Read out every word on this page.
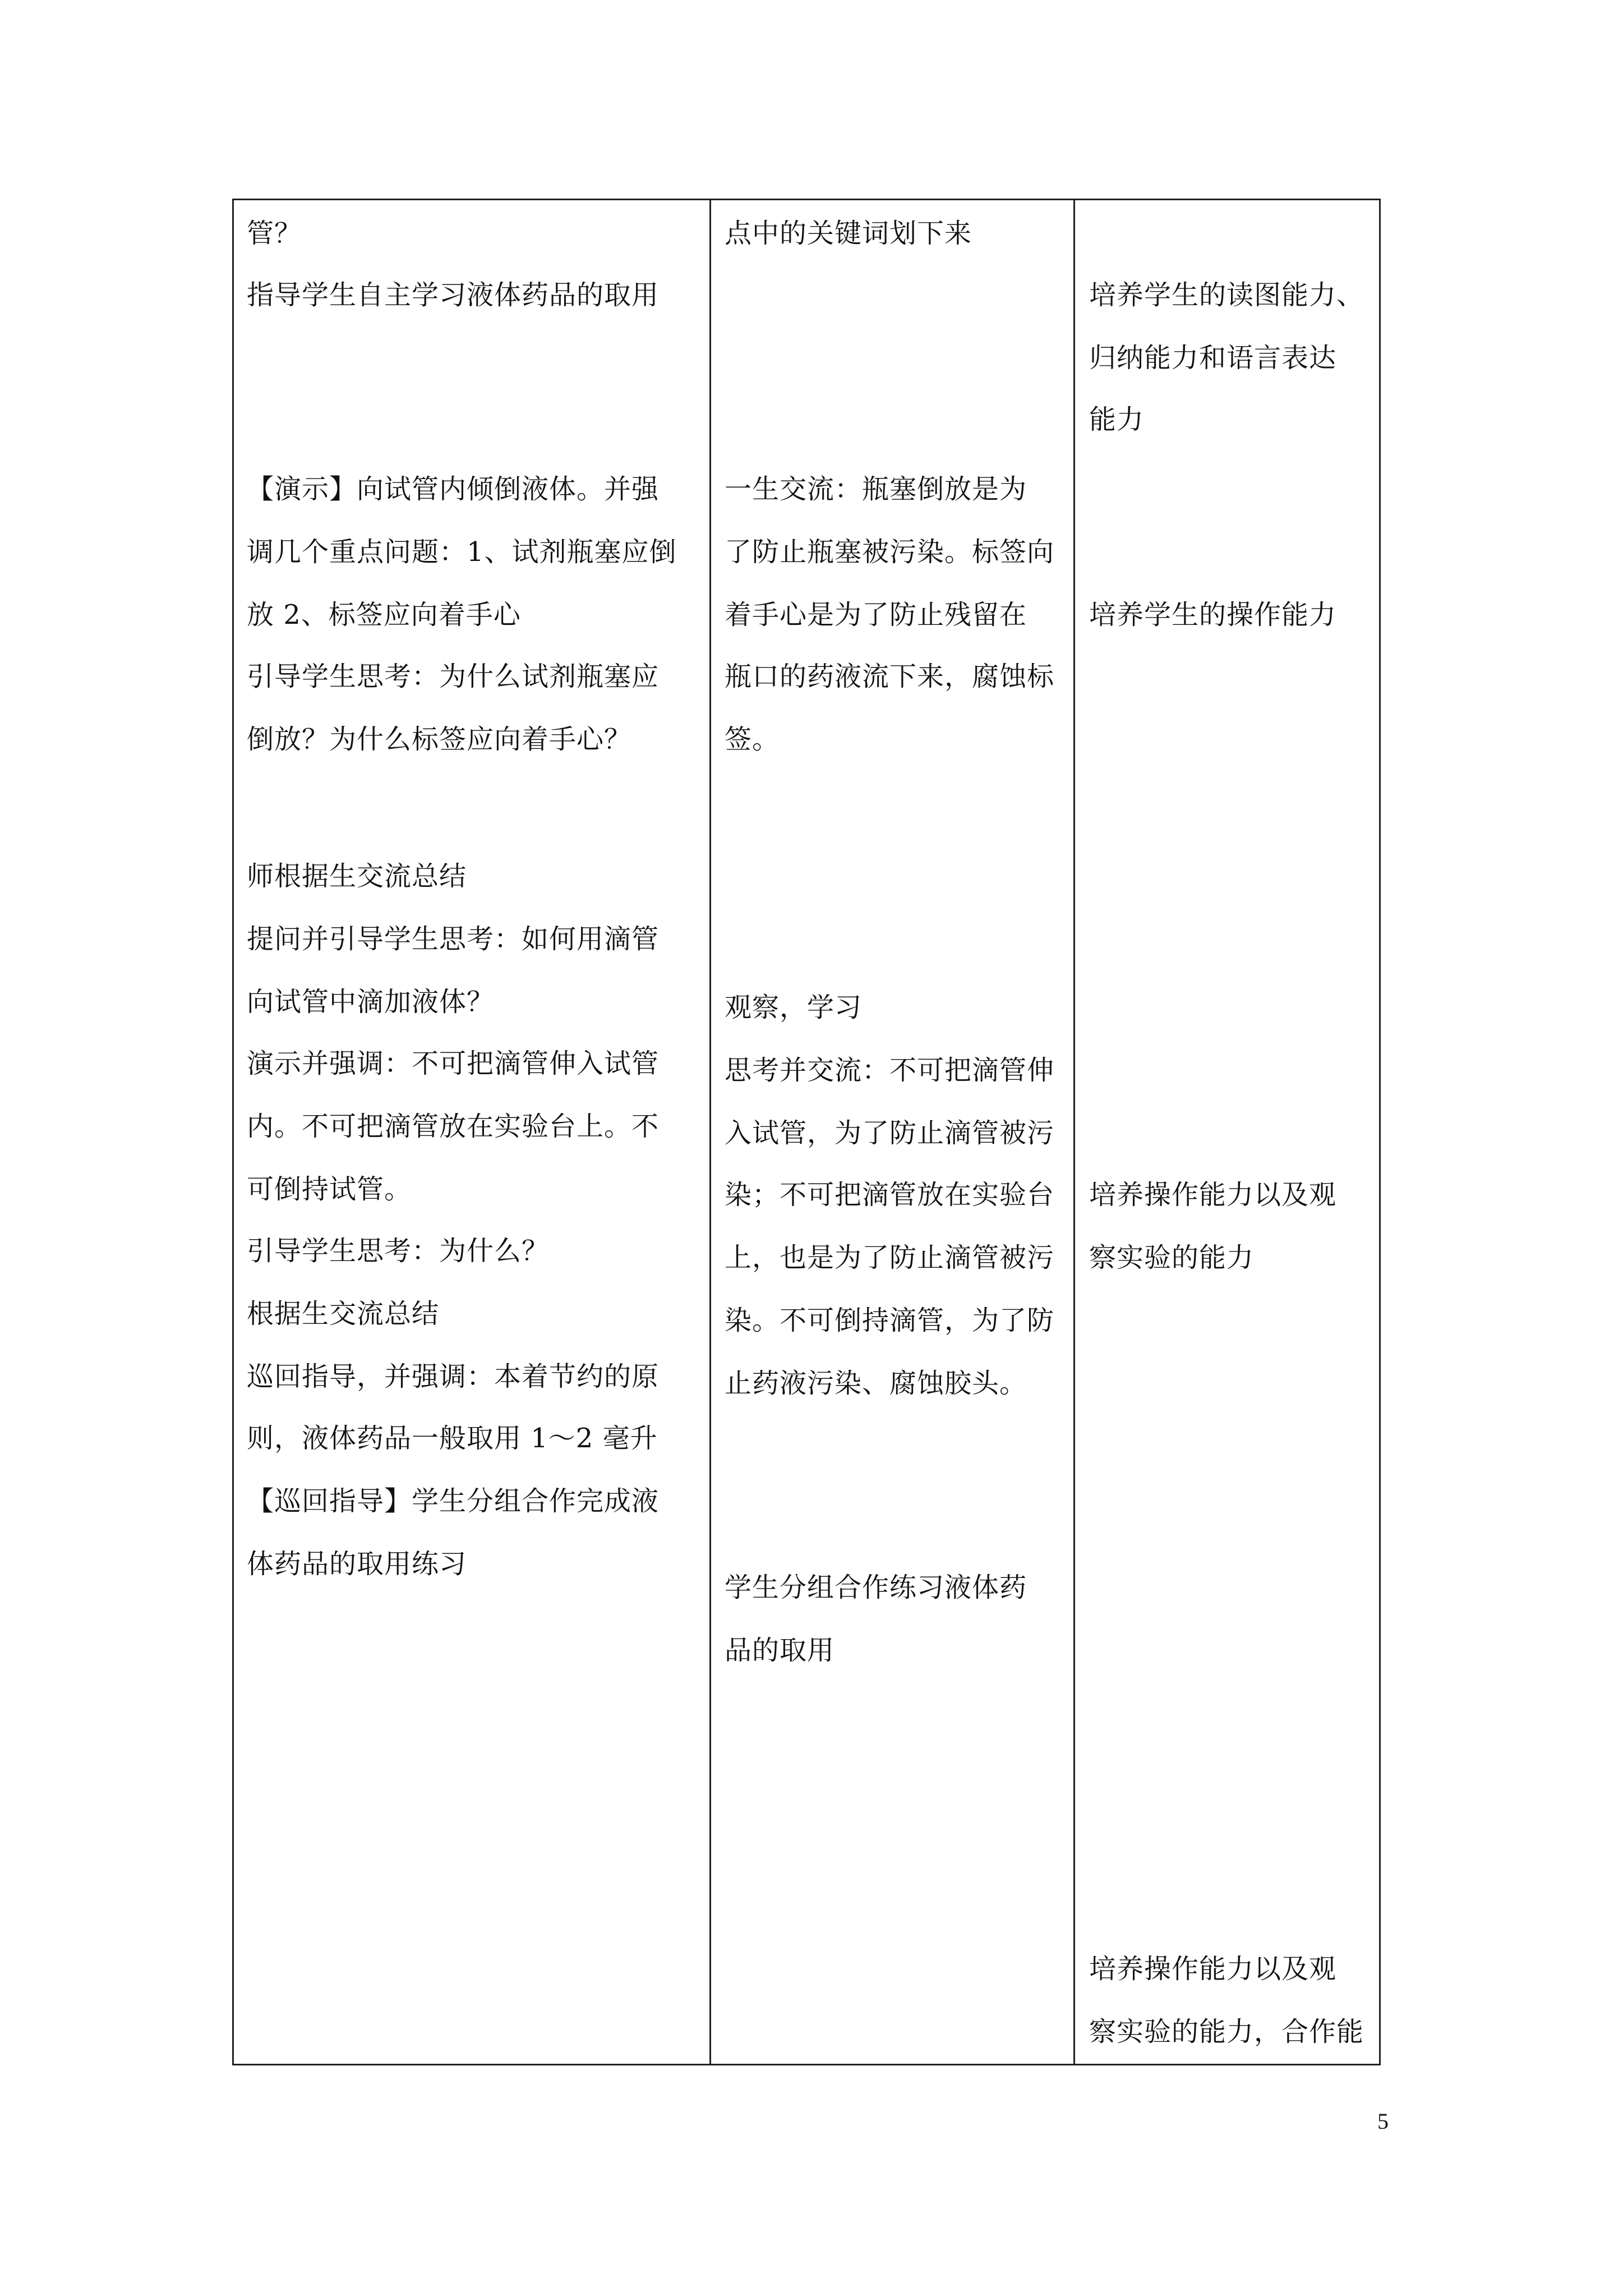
管？
指导学生自主学习液体药品的取用
【演示】向试管内倾倒液体。并强
调几个重点问题：1、试剂瓶塞应倒
放 2、标签应向着手心
引导学生思考：为什么试剂瓶塞应
倒放？为什么标签应向着手心？
师根据生交流总结
提问并引导学生思考：如何用滴管
向试管中滴加液体？
演示并强调：不可把滴管伸入试管
内。不可把滴管放在实验台上。不
可倒持试管。
引导学生思考：为什么？
根据生交流总结
巡回指导，并强调：本着节约的原
则，液体药品一般取用 1～2 毫升
【巡回指导】学生分组合作完成液
体药品的取用练习
点中的关键词划下来
一生交流：瓶塞倒放是为
了防止瓶塞被污染。标签向
着手心是为了防止残留在
瓶口的药液流下来，腐蚀标
签。
观察，学习
思考并交流：不可把滴管伸
入试管，为了防止滴管被污
染；不可把滴管放在实验台
上，也是为了防止滴管被污
染。不可倒持滴管，为了防
止药液污染、腐蚀胶头。
学生分组合作练习液体药
品的取用
培养学生的读图能力、
归纳能力和语言表达
能力
培养学生的操作能力
培养操作能力以及观
察实验的能力
培养操作能力以及观
察实验的能力，合作能
5
